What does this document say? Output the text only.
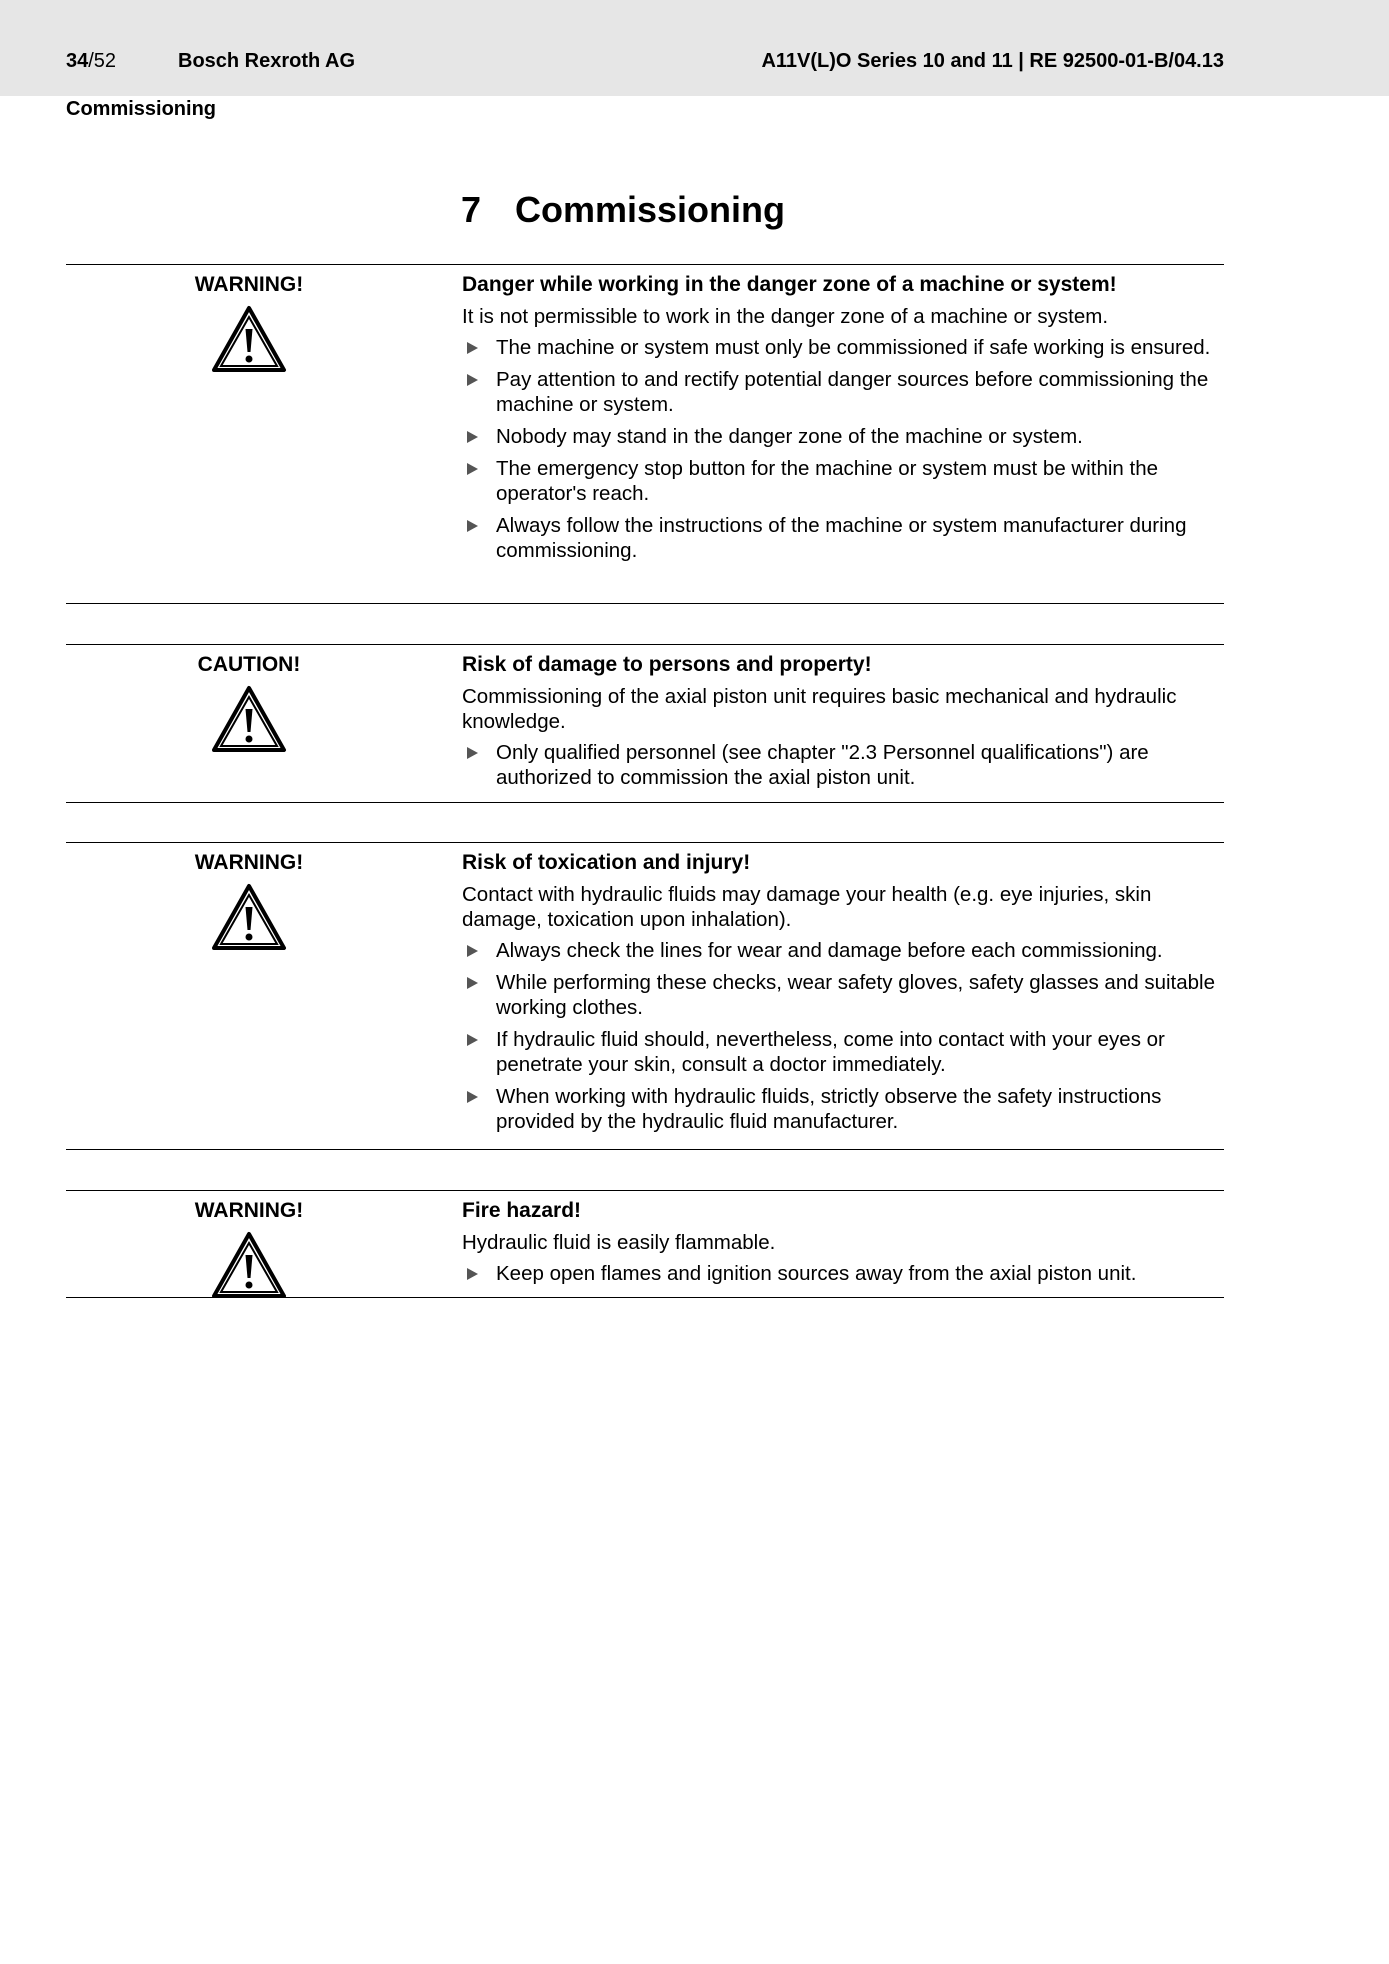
34/52	Bosch Rexroth AG	A11V(L)O Series 10 and 11 | RE 92500-01-B/04.13
Commissioning
7 Commissioning
WARNING!	Danger while working in the danger zone of a machine or system!
It is not permissible to work in the danger zone of a machine or system.
The machine or system must only be commissioned if safe working is ensured.
Pay attention to and rectify potential danger sources before commissioning the machine or system.
Nobody may stand in the danger zone of the machine or system.
The emergency stop button for the machine or system must be within the operator's reach.
Always follow the instructions of the machine or system manufacturer during commissioning.
CAUTION!	Risk of damage to persons and property!
Commissioning of the axial piston unit requires basic mechanical and hydraulic knowledge.
Only qualified personnel (see chapter "2.3 Personnel qualifications") are authorized to commission the axial piston unit.
WARNING!	Risk of toxication and injury!
Contact with hydraulic fluids may damage your health (e.g. eye injuries, skin damage, toxication upon inhalation).
Always check the lines for wear and damage before each commissioning.
While performing these checks, wear safety gloves, safety glasses and suitable working clothes.
If hydraulic fluid should, nevertheless, come into contact with your eyes or penetrate your skin, consult a doctor immediately.
When working with hydraulic fluids, strictly observe the safety instructions provided by the hydraulic fluid manufacturer.
WARNING!	Fire hazard!
Hydraulic fluid is easily flammable.
Keep open flames and ignition sources away from the axial piston unit.
